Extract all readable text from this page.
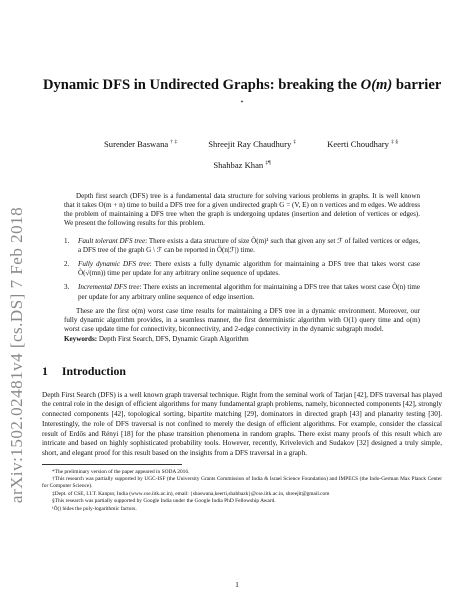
arXiv:1502.02481v4 [cs.DS] 7 Feb 2018
Dynamic DFS in Undirected Graphs: breaking the O(m) barrier *
Surender Baswana † ‡	Shreejit Ray Chaudhury ‡	Keerti Choudhary ‡ §
Shahbaz Khan ‡¶

Depth first search (DFS) tree is a fundamental data structure for solving various problems in graphs. It is well known that it takes O(m + n) time to build a DFS tree for a given undirected graph G = (V, E) on n vertices and m edges. We address the problem of maintaining a DFS tree when the graph is undergoing updates (insertion and deletion of vertices or edges). We present the following results for this problem.

1.	Fault tolerant DFS tree: There exists a data structure of size Õ(m)¹ such that given any set ℱ of failed vertices or edges, a DFS tree of the graph G \ ℱ can be reported in Õ(n|ℱ|) time.
2.	Fully dynamic DFS tree: There exists a fully dynamic algorithm for maintaining a DFS tree that takes worst case Õ(√(mn)) time per update for any arbitrary online sequence of updates.
3.	Incremental DFS tree: There exists an incremental algorithm for maintaining a DFS tree that takes worst case Õ(n) time per update for any arbitrary online sequence of edge insertion.

These are the first o(m) worst case time results for maintaining a DFS tree in a dynamic environment. Moreover, our fully dynamic algorithm provides, in a seamless manner, the first deterministic algorithm with O(1) query time and o(m) worst case update time for connectivity, biconnectivity, and 2-edge connectivity in the dynamic subgraph model.

Keywords: Depth First Search, DFS, Dynamic Graph Algorithm

1 Introduction

Depth First Search (DFS) is a well known graph traversal technique. Right from the seminal work of Tarjan [42], DFS traversal has played the central role in the design of efficient algorithms for many fundamental graph problems, namely, biconnected components [42], strongly connected components [42], topological sorting, bipartite matching [29], dominators in directed graph [43] and planarity testing [30]. Interestingly, the role of DFS traversal is not confined to merely the design of efficient algorithms. For example, consider the classical result of Erdős and Rényi [18] for the phase transition phenomena in random graphs. There exist many proofs of this result which are intricate and based on highly sophisticated probability tools. However, recently, Krivelevich and Sudakov [32] designed a truly simple, short, and elegant proof for this result based on the insights from a DFS traversal in a graph.

*The preliminary version of the paper appeared in SODA 2016.

†This research was partially supported by UGC-ISF (the University Grants Commission of India & Israel Science Foundation) and IMPECS (the Indo-German Max Planck Center for Computer Science).

‡Dept. of CSE, I.I.T. Kanpur, India (www.cse.iitk.ac.in), email: {sbaswana,keerti,shahbazk}@cse.iitk.ac.in, shreejit@gmail.com

§This research was partially supported by Google India under the Google India PhD Fellowship Award.

¹Õ() hides the poly-logarithmic factors.

1
